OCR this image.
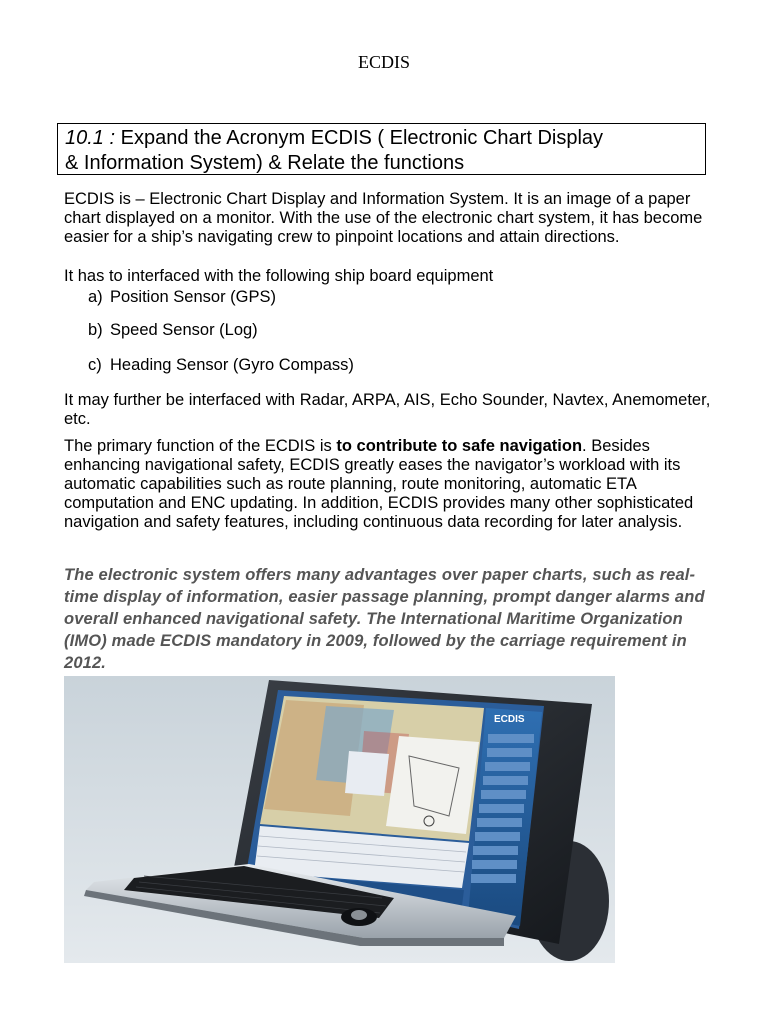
ECDIS
10.1 : Expand the Acronym ECDIS ( Electronic Chart Display
& Information System) & Relate the functions
ECDIS is – Electronic Chart Display and Information System. It is an image of a paper chart displayed on a monitor. With the use of the electronic chart system, it has become easier for a ship’s navigating crew to pinpoint locations and attain directions.
It has to interfaced with the following ship board equipment
a) Position Sensor (GPS)
b) Speed Sensor (Log)
c) Heading Sensor (Gyro Compass)
It may further be interfaced with Radar, ARPA, AIS, Echo Sounder, Navtex, Anemometer, etc.
The primary function of the ECDIS is to contribute to safe navigation. Besides enhancing navigational safety, ECDIS greatly eases the navigator’s workload with its automatic capabilities such as route planning, route monitoring, automatic ETA computation and ENC updating. In addition, ECDIS provides many other sophisticated navigation and safety features, including continuous data recording for later analysis.
The electronic system offers many advantages over paper charts, such as real-time display of information, easier passage planning, prompt danger alarms and overall enhanced navigational safety. The International Maritime Organization (IMO) made ECDIS mandatory in 2009, followed by the carriage requirement in 2012.
ECDIS
